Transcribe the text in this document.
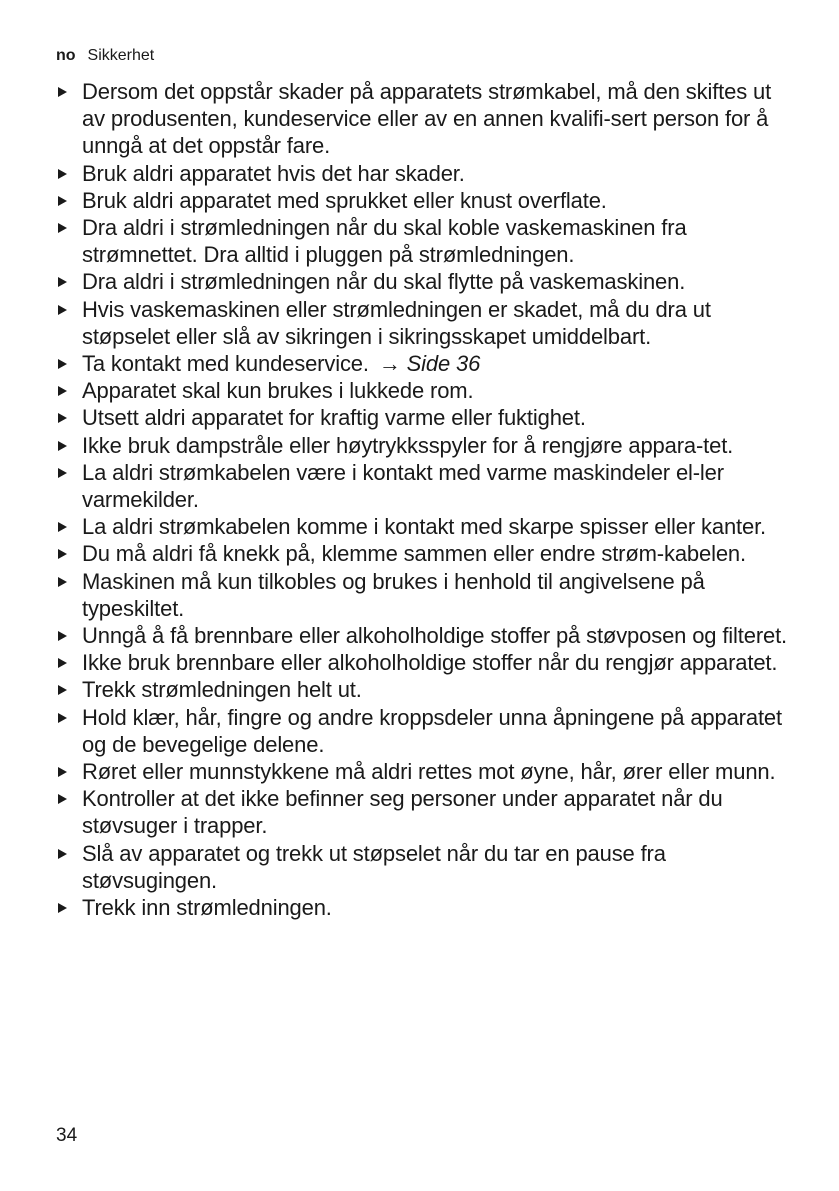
no Sikkerhet
Dersom det oppstår skader på apparatets strømkabel, må den skiftes ut av produsenten, kundeservice eller av en annen kvalifi-sert person for å unngå at det oppstår fare.
Bruk aldri apparatet hvis det har skader.
Bruk aldri apparatet med sprukket eller knust overflate.
Dra aldri i strømledningen når du skal koble vaskemaskinen fra strømnettet. Dra alltid i pluggen på strømledningen.
Dra aldri i strømledningen når du skal flytte på vaskemaskinen.
Hvis vaskemaskinen eller strømledningen er skadet, må du dra ut støpselet eller slå av sikringen i sikringsskapet umiddelbart.
Ta kontakt med kundeservice. → Side 36
Apparatet skal kun brukes i lukkede rom.
Utsett aldri apparatet for kraftig varme eller fuktighet.
Ikke bruk dampstråle eller høytrykksspyler for å rengjøre appara-tet.
La aldri strømkabelen være i kontakt med varme maskindeler el-ler varmekilder.
La aldri strømkabelen komme i kontakt med skarpe spisser eller kanter.
Du må aldri få knekk på, klemme sammen eller endre strøm-kabelen.
Maskinen må kun tilkobles og brukes i henhold til angivelsene på typeskiltet.
Unngå å få brennbare eller alkoholholdige stoffer på støvposen og filteret.
Ikke bruk brennbare eller alkoholholdige stoffer når du rengjør apparatet.
Trekk strømledningen helt ut.
Hold klær, hår, fingre og andre kroppsdeler unna åpningene på apparatet og de bevegelige delene.
Røret eller munnstykkene må aldri rettes mot øyne, hår, ører eller munn.
Kontroller at det ikke befinner seg personer under apparatet når du støvsuger i trapper.
Slå av apparatet og trekk ut støpselet når du tar en pause fra støvsugingen.
Trekk inn strømledningen.
34
